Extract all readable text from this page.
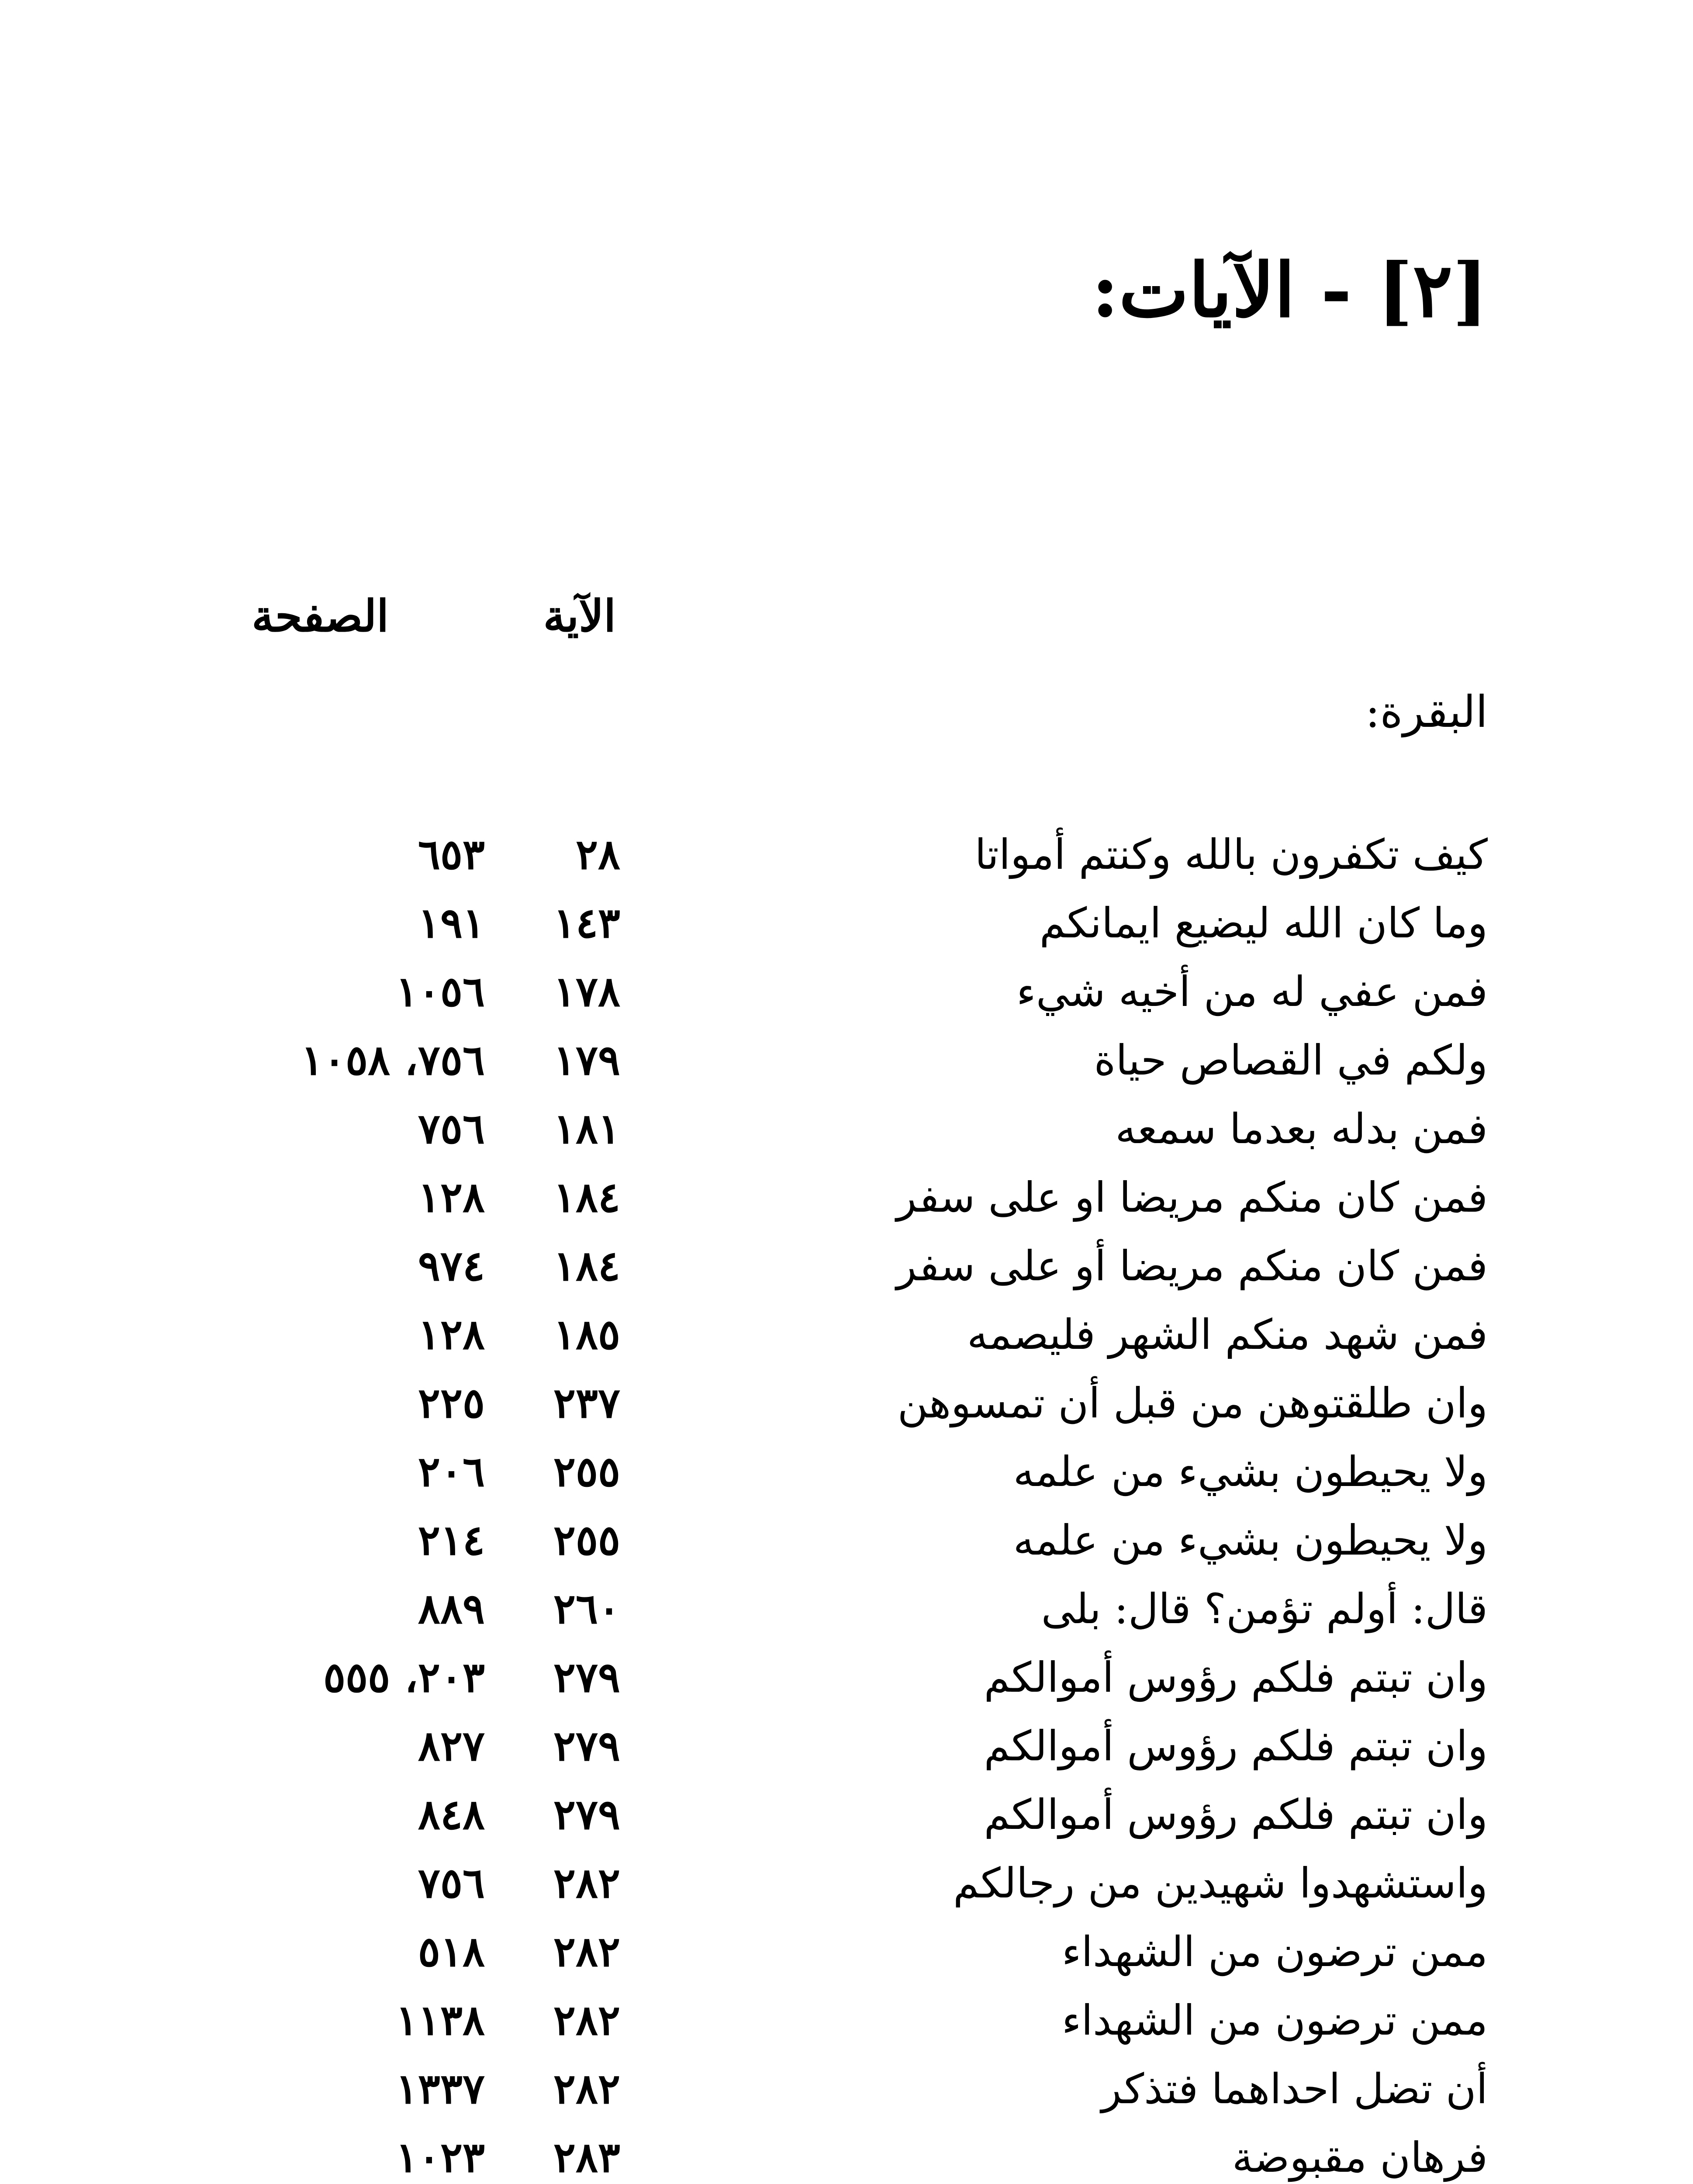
[٢] - الآيات:
الآية
الصفحة
البقرة:
كيف تكفرون بالله وكنتم أمواتا
٢٨
٦٥٣
وما كان الله ليضيع ايمانكم
١٤٣
١٩١
فمن عفي له من أخيه شيء
١٧٨
١٠٥٦
ولكم في القصاص حياة
١٧٩
٧٥٦، ١٠٥٨
فمن بدله بعدما سمعه
١٨١
٧٥٦
فمن كان منكم مريضا او على سفر
١٨٤
١٢٨
فمن كان منكم مريضا أو على سفر
١٨٤
٩٧٤
فمن شهد منكم الشهر فليصمه
١٨٥
١٢٨
وان طلقتوهن من قبل أن تمسوهن
٢٣٧
٢٢٥
ولا يحيطون بشيء من علمه
٢٥٥
٢٠٦
ولا يحيطون بشيء من علمه
٢٥٥
٢١٤
قال: أولم تؤمن؟ قال: بلى
٢٦٠
٨٨٩
وان تبتم فلكم رؤوس أموالكم
٢٧٩
٢٠٣، ٥٥٥
وان تبتم فلكم رؤوس أموالكم
٢٧٩
٨٢٧
وان تبتم فلكم رؤوس أموالكم
٢٧٩
٨٤٨
واستشهدوا شهيدين من رجالكم
٢٨٢
٧٥٦
ممن ترضون من الشهداء
٢٨٢
٥١٨
ممن ترضون من الشهداء
٢٨٢
١١٣٨
أن تضل احداهما فتذكر
٢٨٢
١٣٣٧
فرهان مقبوضة
٢٨٣
١٠٢٣
